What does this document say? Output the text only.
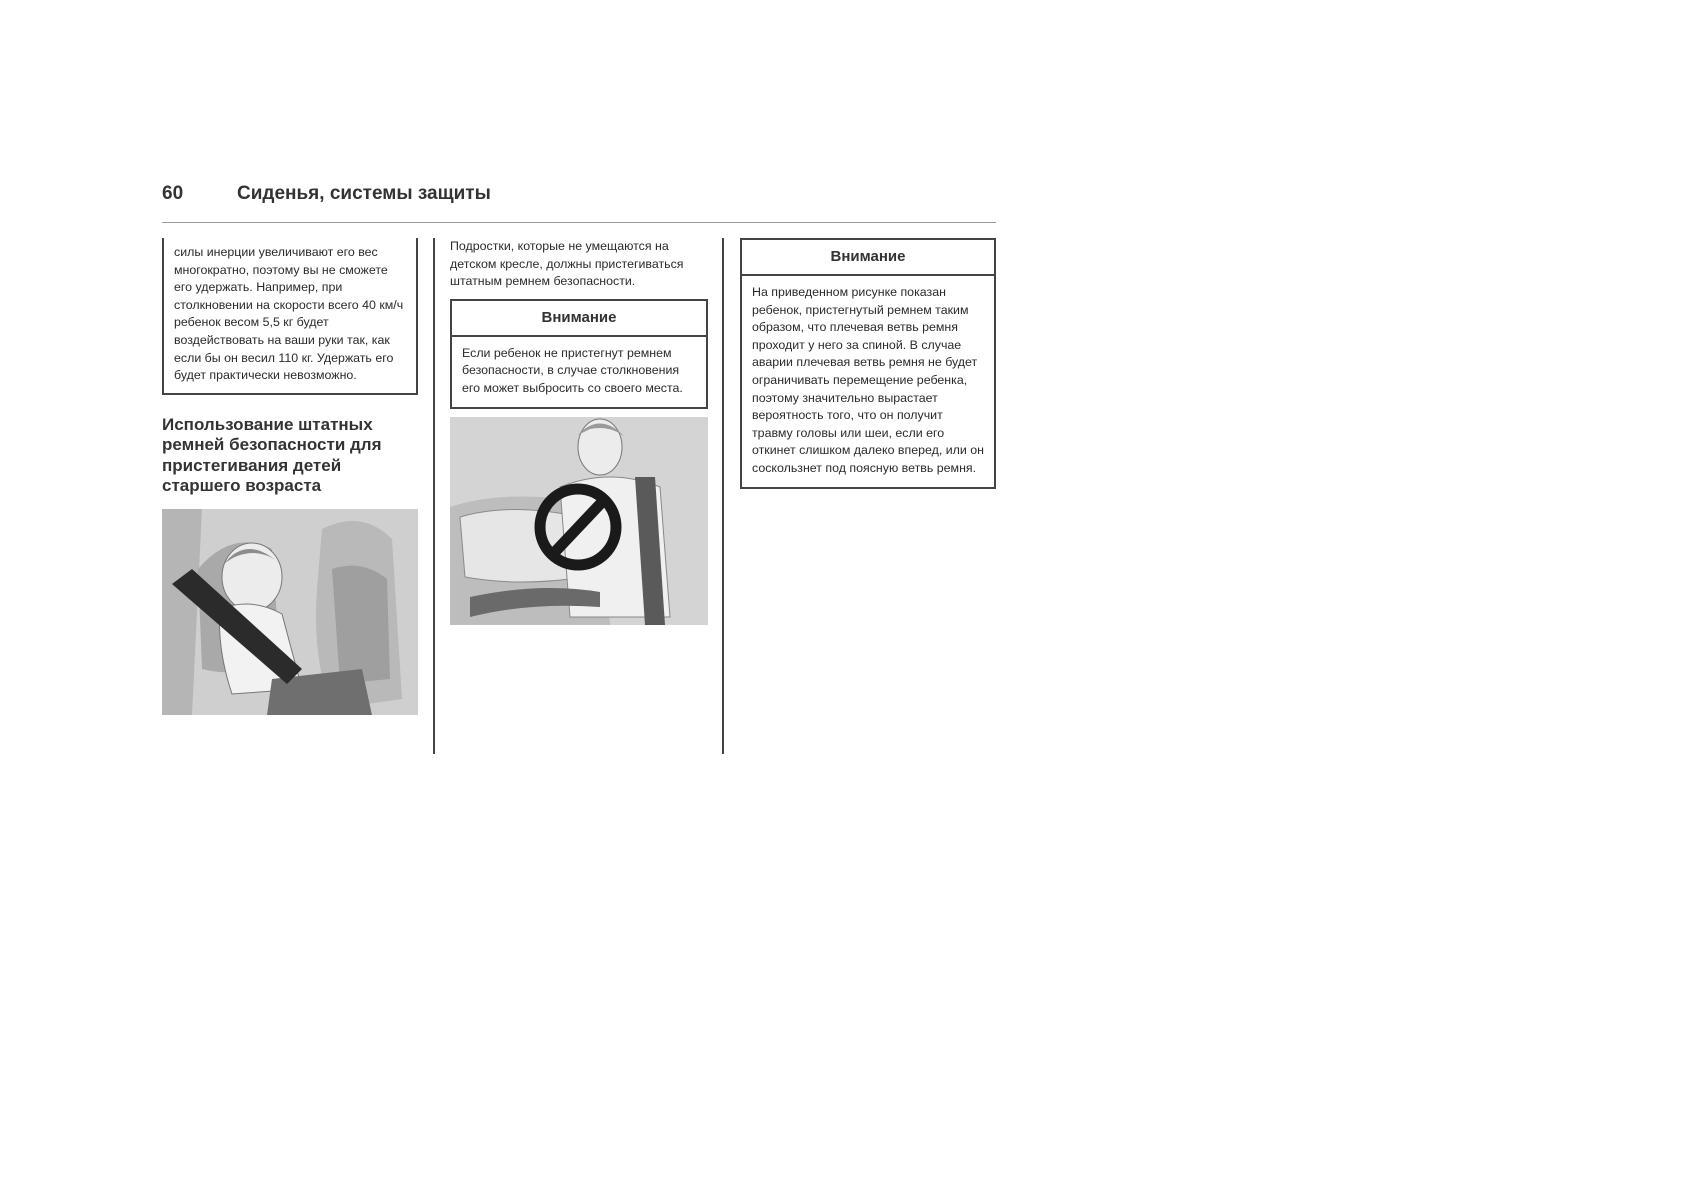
60	Сиденья, системы защиты

силы инерции увеличивают его вес многократно, поэтому вы не сможете его удержать. Например, при столкновении на скорости всего 40 км/ч ребенок весом 5,5 кг будет воздействовать на ваши руки так, как если бы он весил 110 кг. Удержать его будет практически невозможно.

Использование штатных ремней безопасности для пристегивания детей старшего возраста

Подростки, которые не умещаются на детском кресле, должны пристегиваться штатным ремнем безопасности.

Внимание

Если ребенок не пристегнут ремнем безопасности, в случае столкновения его может выбросить со своего места.

Внимание

На приведенном рисунке показан ребенок, пристегнутый ремнем таким образом, что плечевая ветвь ремня проходит у него за спиной. В случае аварии плечевая ветвь ремня не будет ограничивать перемещение ребенка, поэтому значительно вырастает вероятность того, что он получит травму головы или шеи, если его откинет слишком далеко вперед, или он соскользнет под поясную ветвь ремня.
